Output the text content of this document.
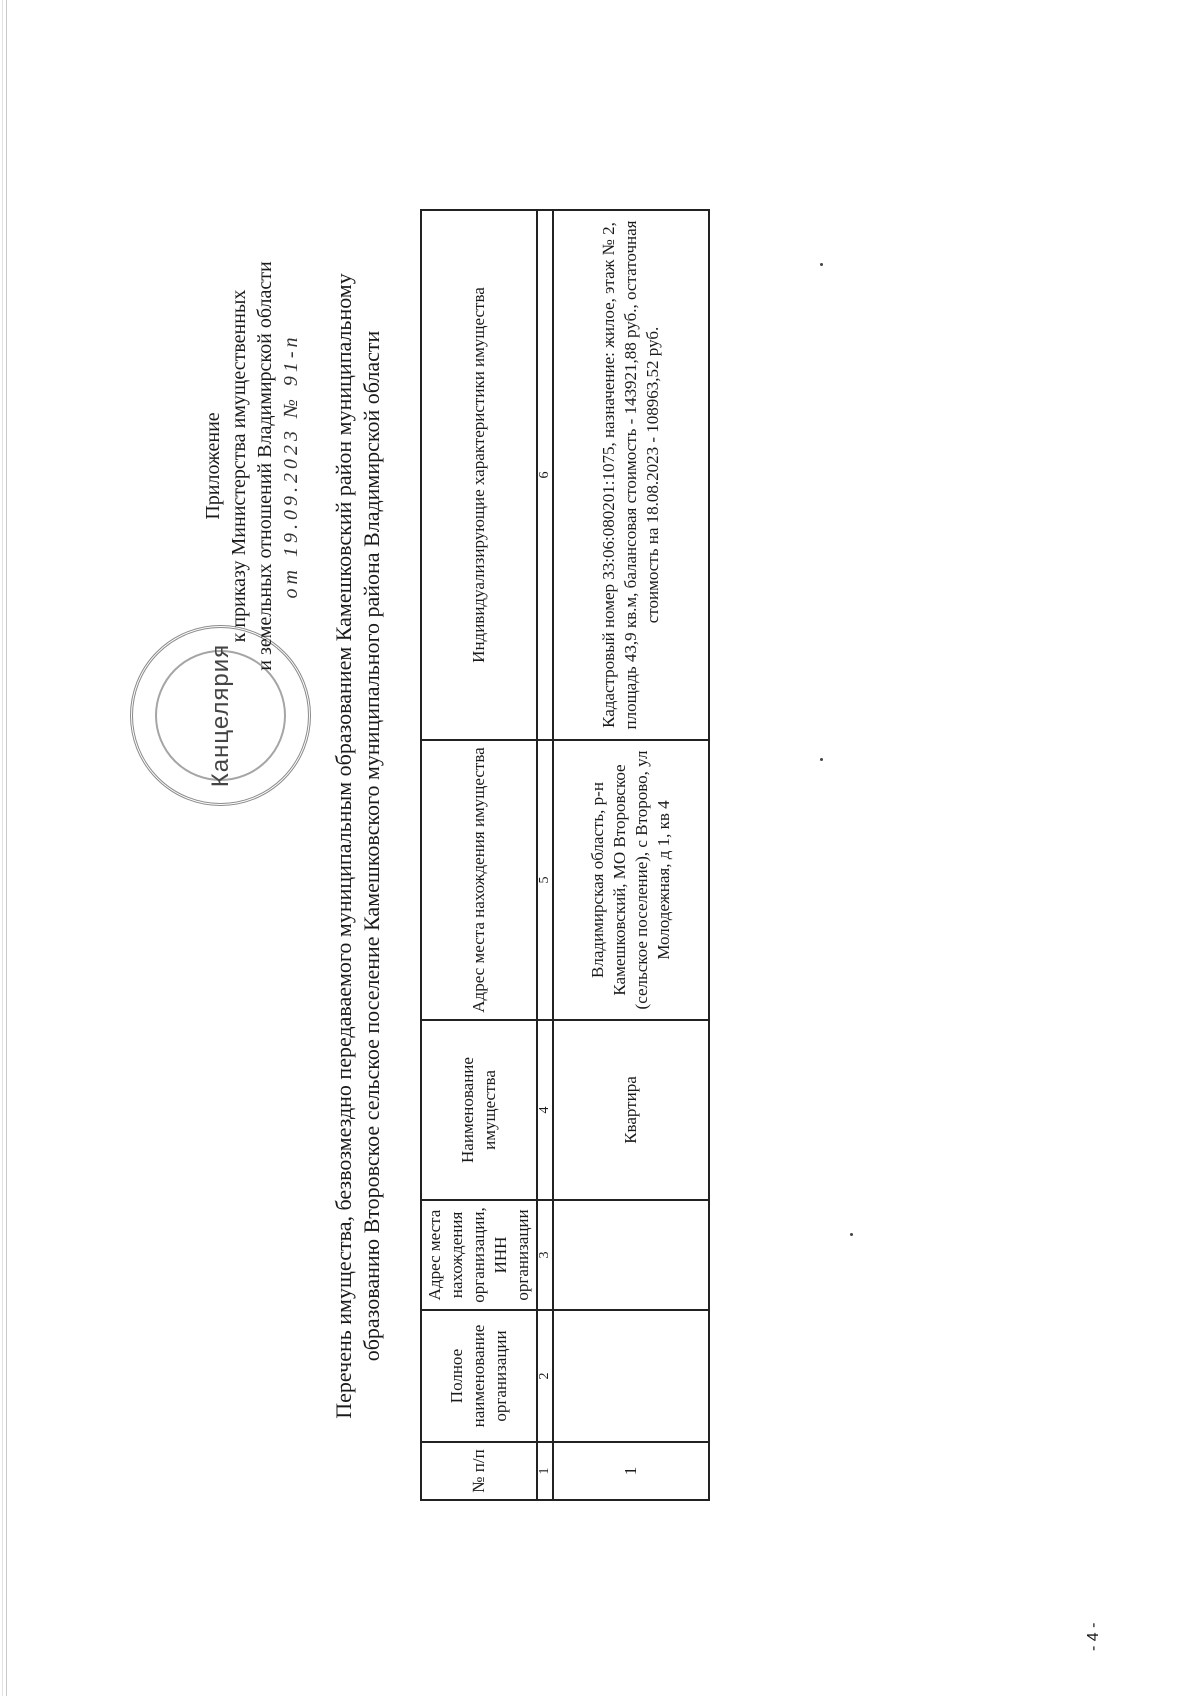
Канцелярия
Приложение к приказу Министерства имущественных и земельных отношений Владимирской области от 19.09.2023 № 91-п Перечень имущества, безвозмездно передаваемого муниципальным образованием Камешковский район муниципальному образованию Второвское сельское поселение Камешковского муниципального района Владимирской области
№ п/п	Полное наименование организации	Адрес места нахождения организации, ИНН организации	Наименование имущества	Адрес места нахождения имущества	Индивидуализирующие характеристики имущества
1	2	3	4	5	6
1			Квартира	Владимирская область, р-н Камешковский, МО Второвское (сельское поселение), с Второво, ул Молодежная, д 1, кв 4	Кадастровый номер 33:06:080201:1075, назначение: жилое, этаж № 2, площадь 43,9 кв.м, балансовая стоимость - 143921,88 руб., остаточная стоимость на 18.08.2023 - 108963,52 руб.
- 4 -
